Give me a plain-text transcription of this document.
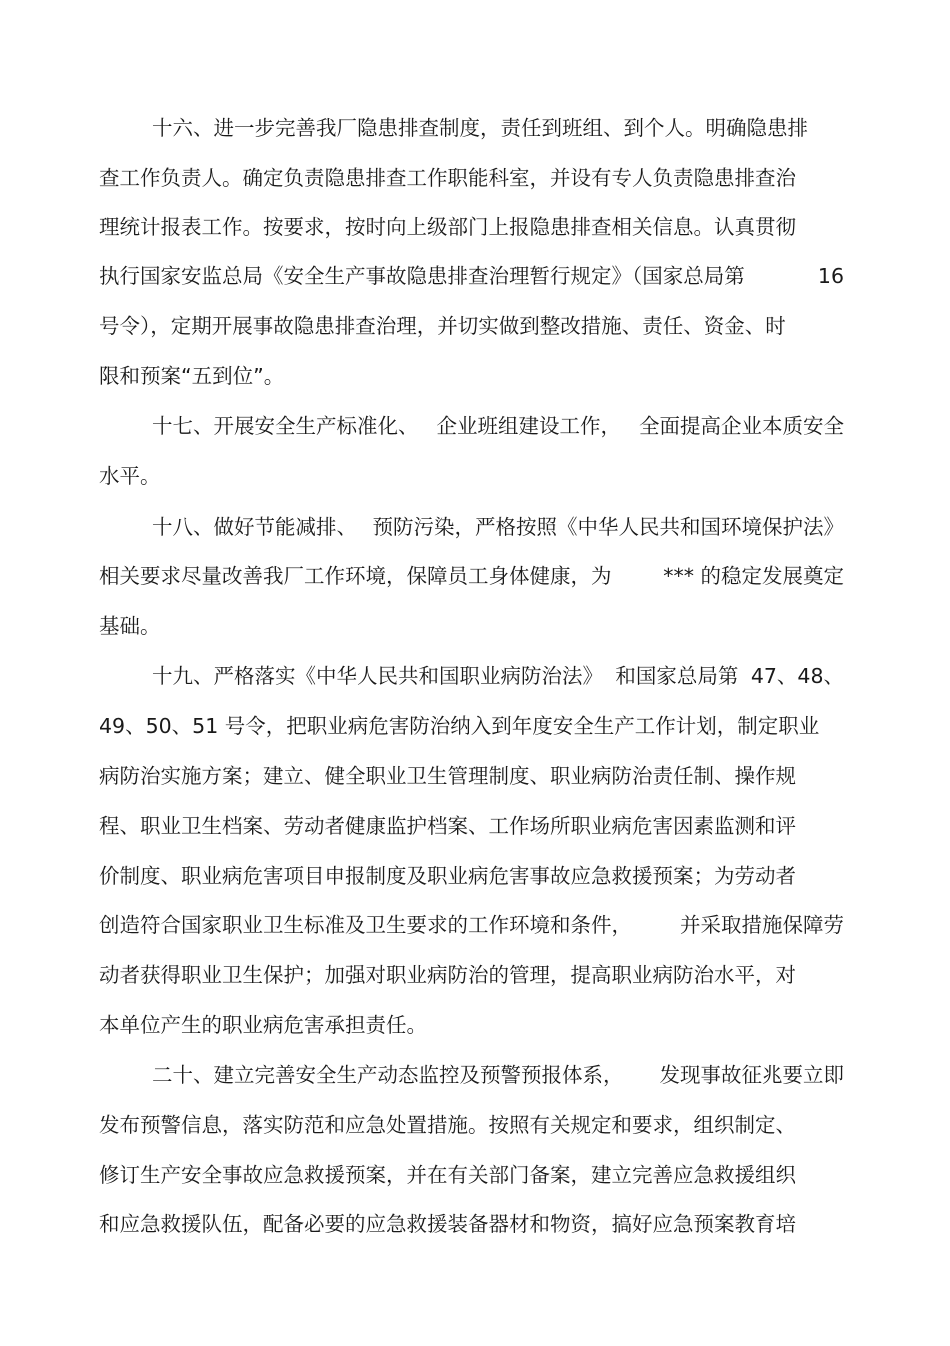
十六、进一步完善我厂隐患排查制度，责任到班组、到个人。明确隐患排
查工作负责人。确定负责隐患排查工作职能科室，并设有专人负责隐患排查治
理统计报表工作。按要求，按时向上级部门上报隐患排查相关信息。认真贯彻
执行国家安监总局《安全生产事故隐患排查治理暂行规定》（国家总局第	16
号令），定期开展事故隐患排查治理，并切实做到整改措施、责任、资金、时
限和预案“五到位”。
十七、开展安全生产标准化、 企业班组建设工作， 全面提高企业本质安全
水平。
十八、做好节能减排、 预防污染，严格按照《中华人民共和国环境保护法》
相关要求尽量改善我厂工作环境，保障员工身体健康，为	*** 的稳定发展奠定
基础。
十九、严格落实《中华人民共和国职业病防治法》 和国家总局第 47、48、
49、50、51 号令，把职业病危害防治纳入到年度安全生产工作计划，制定职业
病防治实施方案；建立、健全职业卫生管理制度、职业病防治责任制、操作规
程、职业卫生档案、劳动者健康监护档案、工作场所职业病危害因素监测和评
价制度、职业病危害项目申报制度及职业病危害事故应急救援预案；为劳动者
创造符合国家职业卫生标准及卫生要求的工作环境和条件， 并采取措施保障劳
动者获得职业卫生保护；加强对职业病防治的管理，提高职业病防治水平，对
本单位产生的职业病危害承担责任。
二十、建立完善安全生产动态监控及预警预报体系， 发现事故征兆要立即
发布预警信息，落实防范和应急处置措施。按照有关规定和要求，组织制定、
修订生产安全事故应急救援预案，并在有关部门备案，建立完善应急救援组织
和应急救援队伍，配备必要的应急救援装备器材和物资，搞好应急预案教育培
